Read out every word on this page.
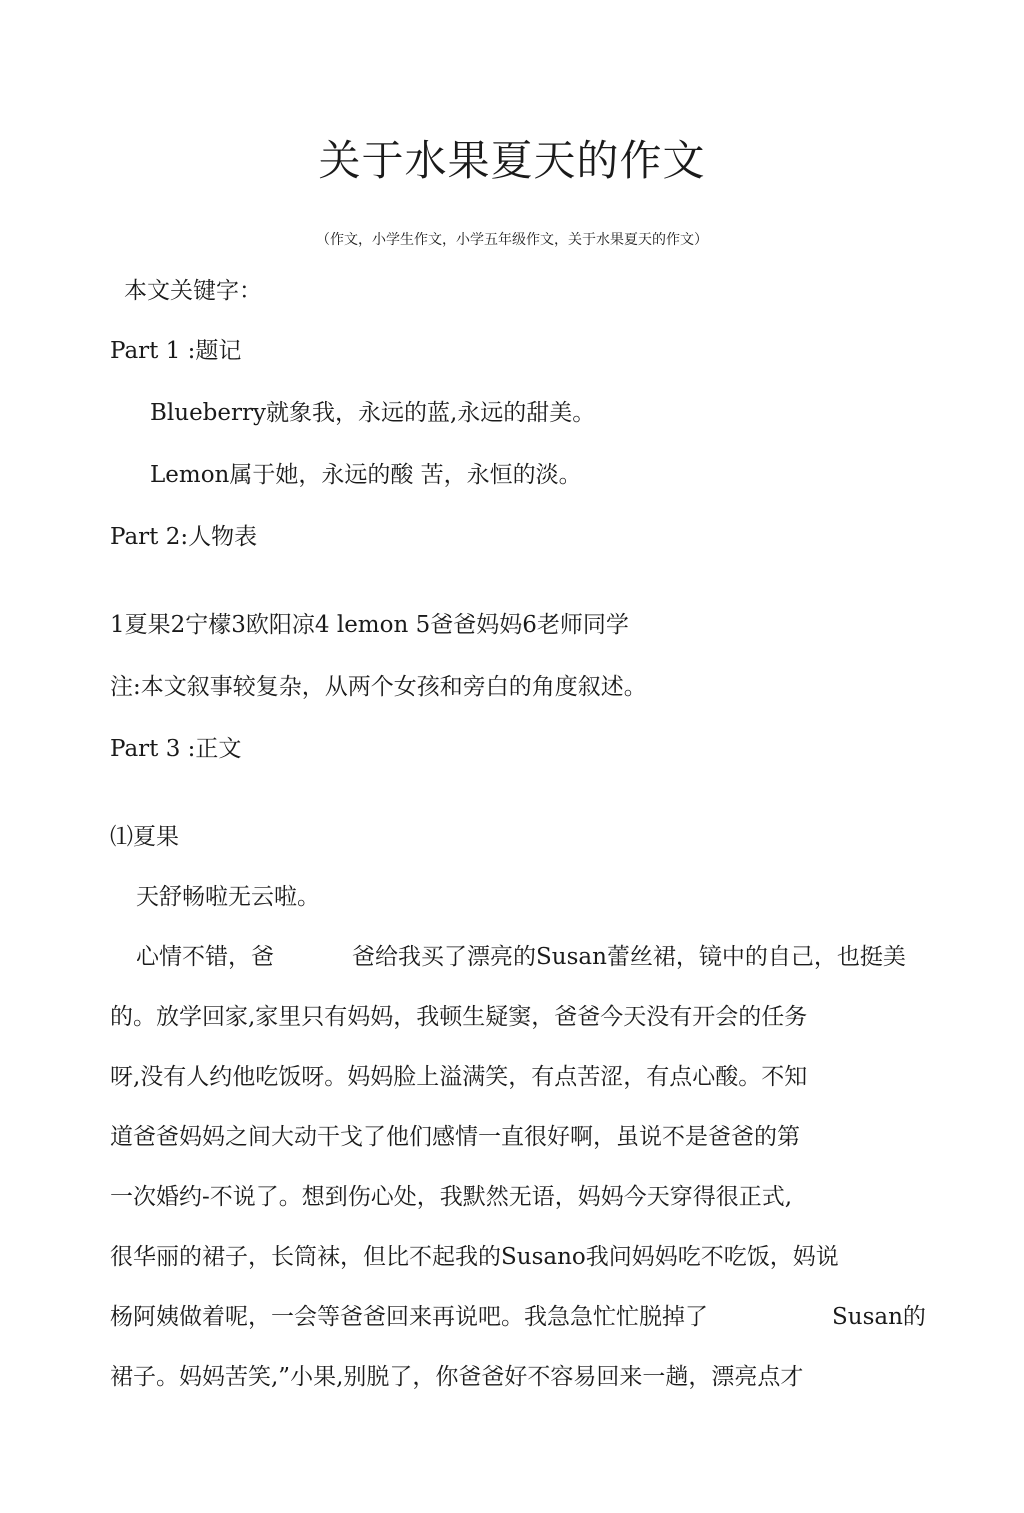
关于水果夏天的作文
（作文，小学生作文，小学五年级作文，关于水果夏天的作文）
本文关键字：
Part 1 :题记
Blueberry就象我，永远的蓝,永远的甜美。
Lemon属于她，永远的酸 苦，永恒的淡。
Part 2:人物表
1夏果2宁檬3欧阳凉4 lemon 5爸爸妈妈6老师同学
注:本文叙事较复杂，从两个女孩和旁白的角度叙述。
Part 3 :正文
⑴夏果
天舒畅啦无云啦。
心情不错，爸	爸给我买了漂亮的Susan蕾丝裙，镜中的自己，也挺美
的。放学回家,家里只有妈妈，我顿生疑窦，爸爸今天没有开会的任务
呀,没有人约他吃饭呀。妈妈脸上溢满笑，有点苦涩，有点心酸。不知
道爸爸妈妈之间大动干戈了他们感情一直很好啊，虽说不是爸爸的第
一次婚约-不说了。想到伤心处，我默然无语，妈妈今天穿得很正式,
很华丽的裙子，长筒袜，但比不起我的Susano我问妈妈吃不吃饭，妈说
杨阿姨做着呢，一会等爸爸回来再说吧。我急急忙忙脱掉了	Susan的
裙子。妈妈苦笑,”小果,别脱了，你爸爸好不容易回来一趟，漂亮点才
